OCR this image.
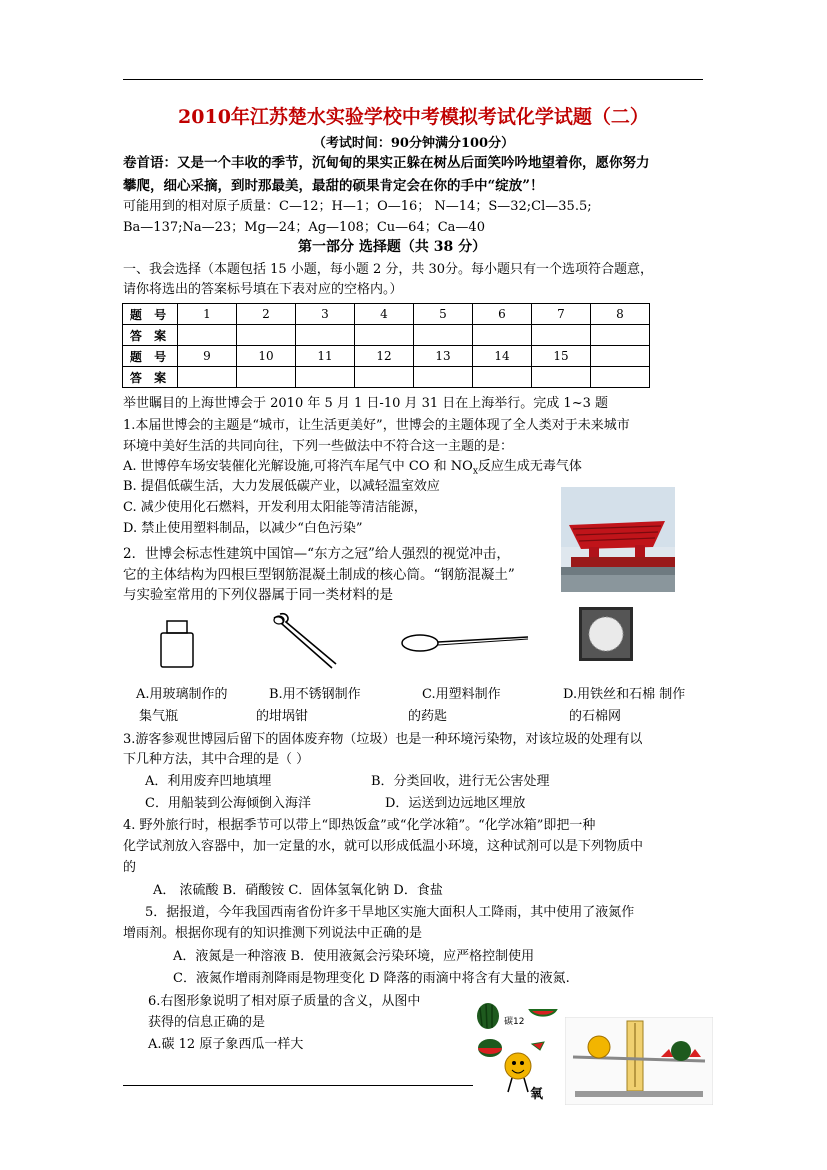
2010年江苏楚水实验学校中考模拟考试化学试题（二）
（考试时间：90分钟满分100分）
卷首语：又是一个丰收的季节，沉甸甸的果实正躲在树丛后面笑吟吟地望着你，愿你努力
攀爬，细心采摘，到时那最美，最甜的硕果肯定会在你的手中“绽放”！
可能用到的相对原子质量：C—12；H—1；O—16； N—14；S—32;Cl—35.5;
Ba—137;Na—23；Mg—24；Ag—108；Cu—64；Ca—40
第一部分 选择题（共 38 分）
一、我会选择（本题包括 15 小题，每小题 2 分，共 30分。每小题只有一个选项符合题意，
请你将选出的答案标号填在下表对应的空格内。）
题 号	1	2	3	4	5	6	7	8
答 案								
题 号	9	10	11	12	13	14	15	
答 案								
举世瞩目的上海世博会于 2010 年 5 月 1 日-10 月 31 日在上海举行。完成 1~3 题
1.本届世博会的主题是“城市，让生活更美好”，世博会的主题体现了全人类对于未来城市
环境中美好生活的共同向往，下列一些做法中不符合这一主题的是：
A. 世博停车场安装催化光解设施,可将汽车尾气中 CO 和 $NO_x$反应生成无毒气体
B. 提倡低碳生活，大力发展低碳产业，以减轻温室效应
C. 减少使用化石燃料，开发利用太阳能等清洁能源，
D. 禁止使用塑料制品，以减少“白色污染”
2．世博会标志性建筑中国馆—“东方之冠”给人强烈的视觉冲击，
它的主体结构为四根巨型钢筋混凝土制成的核心筒。“钢筋混凝土”
与实验室常用的下列仪器属于同一类材料的是
A.用玻璃制作的
集气瓶
B.用不锈钢制作
的坩埚钳
C.用塑料制作
的药匙
D.用铁丝和石棉 制作
的石棉网
3.游客参观世博园后留下的固体废弃物（垃圾）也是一种环境污染物，对该垃圾的处理有以
下几种方法，其中合理的是（ ）
A．利用废弃凹地填埋	B．分类回收，进行无公害处理
C．用船装到公海倾倒入海洋	D．运送到边远地区埋放
4. 野外旅行时，根据季节可以带上“即热饭盒”或“化学冰箱”。“化学冰箱”即把一种
化学试剂放入容器中，加一定量的水，就可以形成低温小环境，这种试剂可以是下列物质中
的
A． 浓硫酸 B．硝酸铵 C．固体氢氧化钠 D．食盐
5．据报道，今年我国西南省份许多干旱地区实施大面积人工降雨，其中使用了液氮作
增雨剂。根据你现有的知识推测下列说法中正确的是
A．液氮是一种溶液 B．使用液氮会污染环境，应严格控制使用
C．液氮作增雨剂降雨是物理变化 D 降落的雨滴中将含有大量的液氮.
6.右图形象说明了相对原子质量的含义，从图中
获得的信息正确的是
A.碳 12 原子象西瓜一样大
氧
碳12
